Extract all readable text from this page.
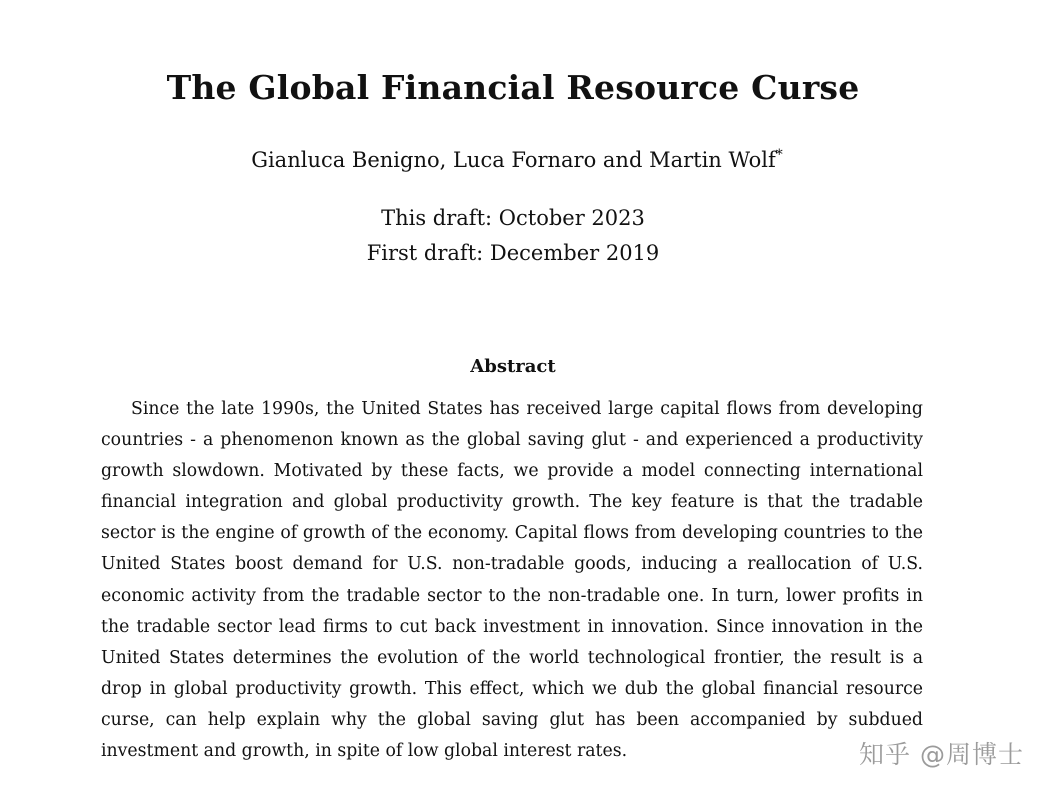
The Global Financial Resource Curse
Gianluca Benigno, Luca Fornaro and Martin Wolf*
This draft: October 2023
First draft: December 2019
Abstract

Since the late 1990s, the United States has received large capital flows from developing countries - a phenomenon known as the global saving glut - and experienced a productivity growth slowdown. Motivated by these facts, we provide a model connecting international financial integration and global productivity growth. The key feature is that the tradable sector is the engine of growth of the economy. Capital flows from developing countries to the United States boost demand for U.S. non-tradable goods, inducing a reallocation of U.S. economic activity from the tradable sector to the non-tradable one. In turn, lower profits in the tradable sector lead firms to cut back investment in innovation. Since innovation in the United States determines the evolution of the world technological frontier, the result is a drop in global productivity growth. This effect, which we dub the global financial resource curse, can help explain why the global saving glut has been accompanied by subdued investment and growth, in spite of low global interest rates.	知乎 @周博士
